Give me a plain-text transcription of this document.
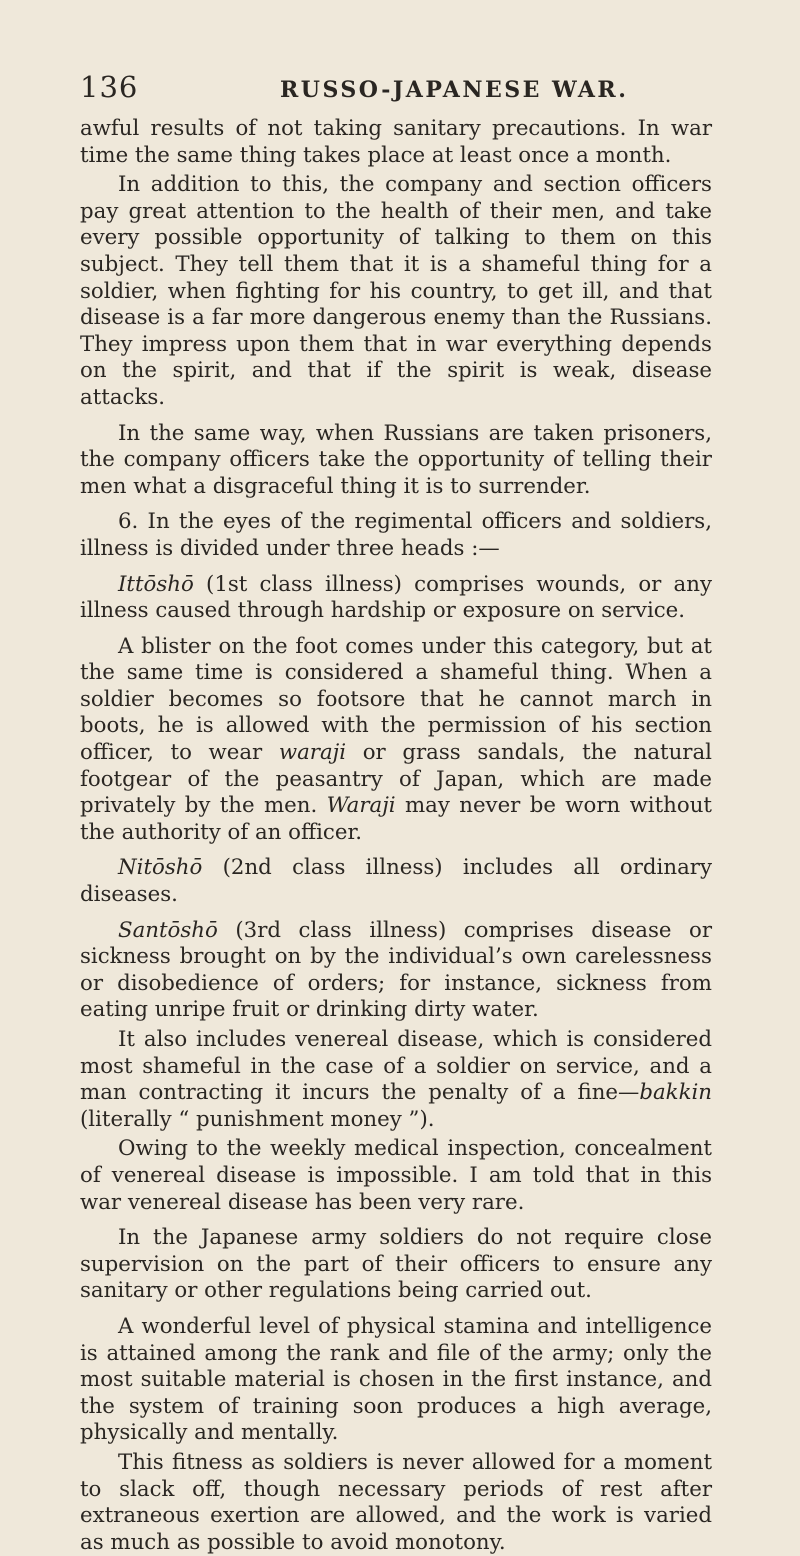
136	RUSSO-JAPANESE WAR.

awful results of not taking sanitary precautions. In war time the same thing takes place at least once a month.

In addition to this, the company and section officers pay great attention to the health of their men, and take every possible opportunity of talking to them on this subject. They tell them that it is a shameful thing for a soldier, when fighting for his country, to get ill, and that disease is a far more dangerous enemy than the Russians. They impress upon them that in war everything depends on the spirit, and that if the spirit is weak, disease attacks.

In the same way, when Russians are taken prisoners, the company officers take the opportunity of telling their men what a disgraceful thing it is to surrender.

6. In the eyes of the regimental officers and soldiers, illness is divided under three heads :—

Ittōshō (1st class illness) comprises wounds, or any illness caused through hardship or exposure on service.

A blister on the foot comes under this category, but at the same time is considered a shameful thing. When a soldier becomes so footsore that he cannot march in boots, he is allowed with the permission of his section officer, to wear waraji or grass sandals, the natural footgear of the peasantry of Japan, which are made privately by the men. Waraji may never be worn without the authority of an officer.

Nitōshō (2nd class illness) includes all ordinary diseases.

Santōshō (3rd class illness) comprises disease or sickness brought on by the individual’s own carelessness or disobedience of orders; for instance, sickness from eating unripe fruit or drinking dirty water.

It also includes venereal disease, which is considered most shameful in the case of a soldier on service, and a man contracting it incurs the penalty of a fine—bakkin (literally “ punishment money ”).

Owing to the weekly medical inspection, concealment of venereal disease is impossible. I am told that in this war venereal disease has been very rare.

In the Japanese army soldiers do not require close supervision on the part of their officers to ensure any sanitary or other regulations being carried out.

A wonderful level of physical stamina and intelligence is attained among the rank and file of the army; only the most suitable material is chosen in the first instance, and the system of training soon produces a high average, physically and mentally.

This fitness as soldiers is never allowed for a moment to slack off, though necessary periods of rest after extraneous exertion are allowed, and the work is varied as much as possible to avoid monotony.
